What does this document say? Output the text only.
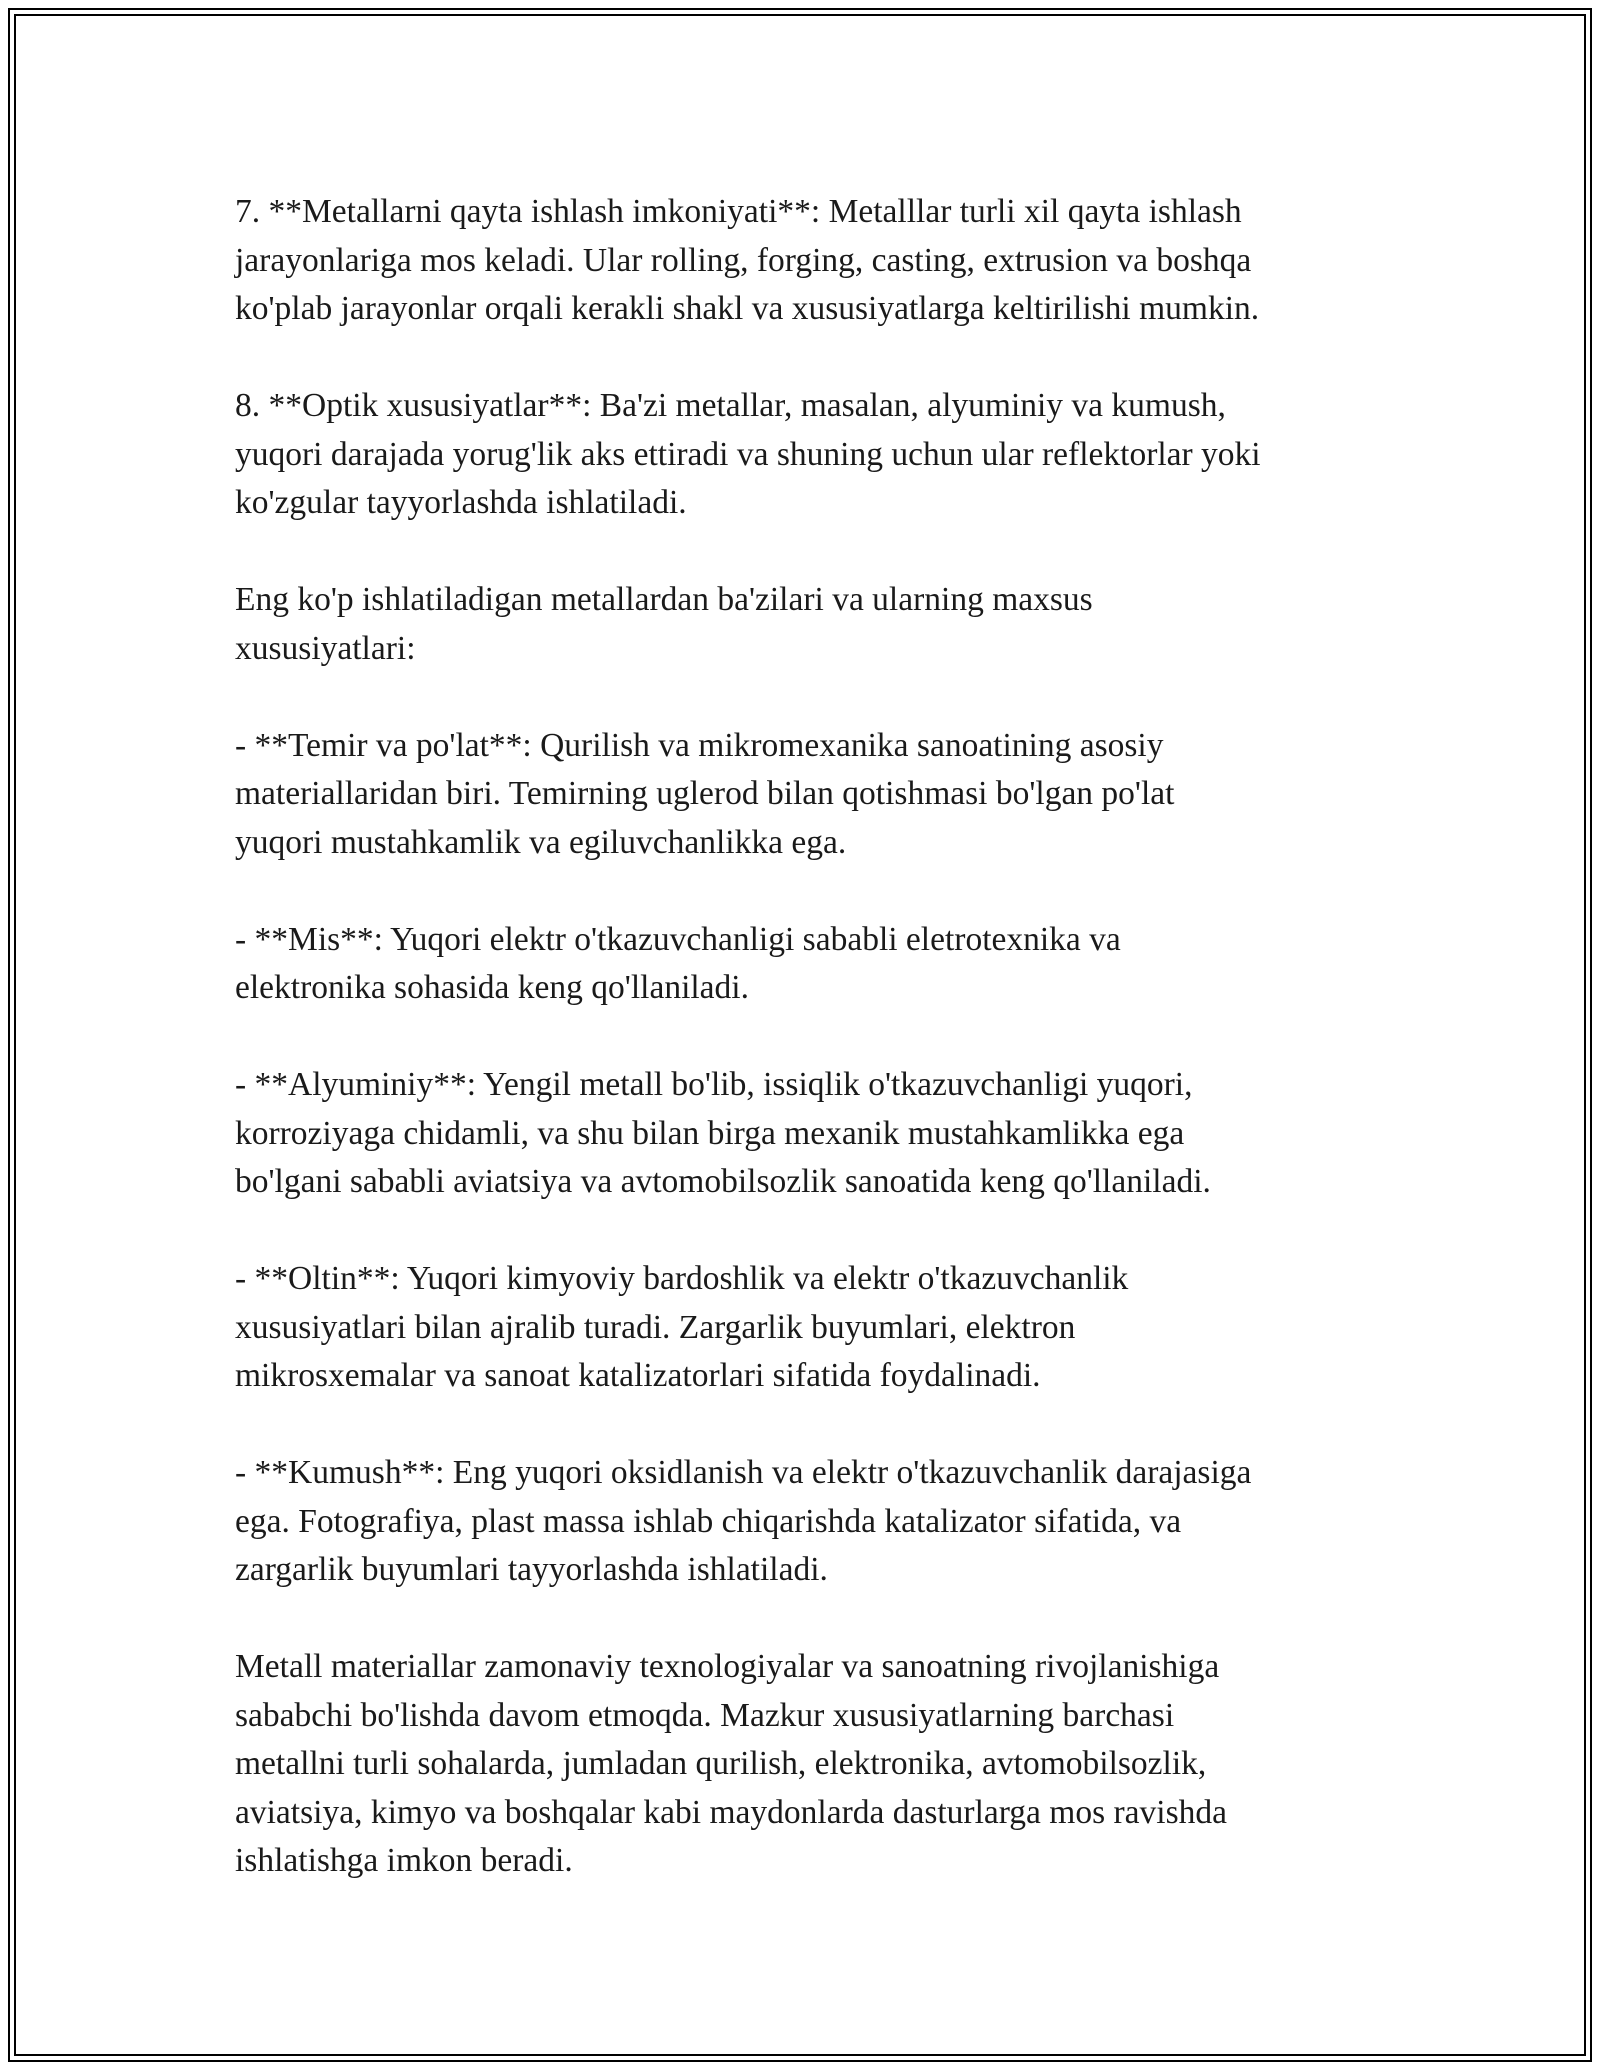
7. **Metallarni qayta ishlash imkoniyati**: Metalllar turli xil qayta ishlash
jarayonlariga mos keladi. Ular rolling, forging, casting, extrusion va boshqa
ko'plab jarayonlar orqali kerakli shakl va xususiyatlarga keltirilishi mumkin.

8. **Optik xususiyatlar**: Ba'zi metallar, masalan, alyuminiy va kumush,
yuqori darajada yorug'lik aks ettiradi va shuning uchun ular reflektorlar yoki
ko'zgular tayyorlashda ishlatiladi.

Eng ko'p ishlatiladigan metallardan ba'zilari va ularning maxsus
xususiyatlari:

- **Temir va po'lat**: Qurilish va mikromexanika sanoatining asosiy
materiallaridan biri. Temirning uglerod bilan qotishmasi bo'lgan po'lat
yuqori mustahkamlik va egiluvchanlikka ega.

- **Mis**: Yuqori elektr o'tkazuvchanligi sababli eletrotexnika va
elektronika sohasida keng qo'llaniladi.

- **Alyuminiy**: Yengil metall bo'lib, issiqlik o'tkazuvchanligi yuqori,
korroziyaga chidamli, va shu bilan birga mexanik mustahkamlikka ega
bo'lgani sababli aviatsiya va avtomobilsozlik sanoatida keng qo'llaniladi.

- **Oltin**: Yuqori kimyoviy bardoshlik va elektr o'tkazuvchanlik
xususiyatlari bilan ajralib turadi. Zargarlik buyumlari, elektron
mikrosxemalar va sanoat katalizatorlari sifatida foydalinadi.

- **Kumush**: Eng yuqori oksidlanish va elektr o'tkazuvchanlik darajasiga
ega. Fotografiya, plast massa ishlab chiqarishda katalizator sifatida, va
zargarlik buyumlari tayyorlashda ishlatiladi.

Metall materiallar zamonaviy texnologiyalar va sanoatning rivojlanishiga
sababchi bo'lishda davom etmoqda. Mazkur xususiyatlarning barchasi
metallni turli sohalarda, jumladan qurilish, elektronika, avtomobilsozlik,
aviatsiya, kimyo va boshqalar kabi maydonlarda dasturlarga mos ravishda
ishlatishga imkon beradi.
